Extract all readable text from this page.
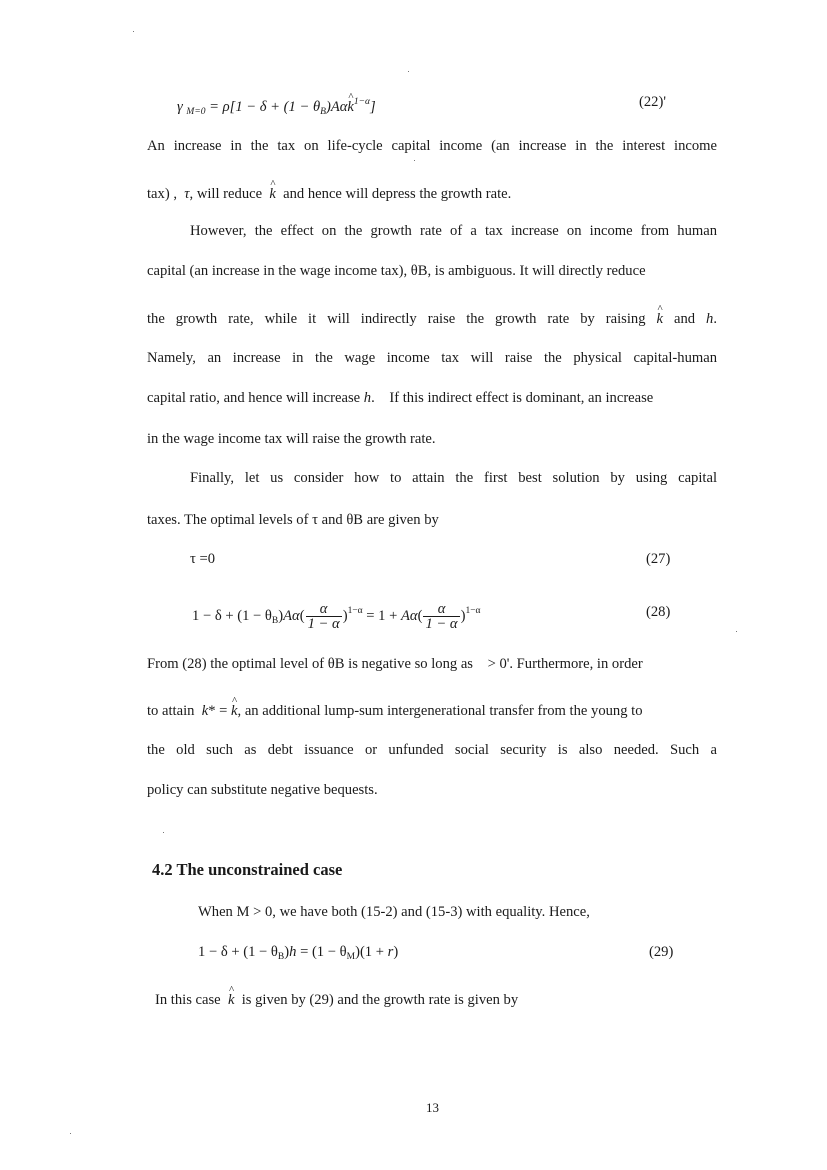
γ $_{M=0} = \rho[1 - \delta + (1 - \theta_B)A\alpha\^{}$ $k^{1-\alpha}$]	(22)'
An increase in the tax on life-cycle capital income (an increase in the interest income
tax) , τ, will reduce ^ k and hence will depress the growth rate.
However, the effect on the growth rate of a tax increase on income from human
capital (an increase in the wage income tax), θB, is ambiguous. It will directly reduce
the growth rate, while it will indirectly raise the growth rate by raising ^ k and h.
Namely, an increase in the wage income tax will raise the physical capital-human
capital ratio, and hence will increase h.    If this indirect effect is dominant, an increase
in the wage income tax will raise the growth rate.
Finally, let us consider how to attain the first best solution by using capital
taxes. The optimal levels of τ and θB are given by
τ =0	(27)
$1 - \delta + (1 - \theta_B)A\alpha( \frac{\alpha}{1 - \alpha} )^{1-\alpha} = 1 + A\alpha( \frac{\alpha}{1 - \alpha} )^{1-\alpha}$	(28)
From (28) the optimal level of θB is negative so long as > 0'. Furthermore, in order
to attain k* = ^ k, an additional lump-sum intergenerational transfer from the young to
the old such as debt issuance or unfunded social security is also needed. Such a
policy can substitute negative bequests.
4.2 The unconstrained case
When M > 0, we have both (15-2) and (15-3) with equality. Hence,
$1 - \delta + (1 - \theta_B)h = (1 - \theta_M)(1 + r)$	(29)
In this case ^ k is given by (29) and the growth rate is given by
13
